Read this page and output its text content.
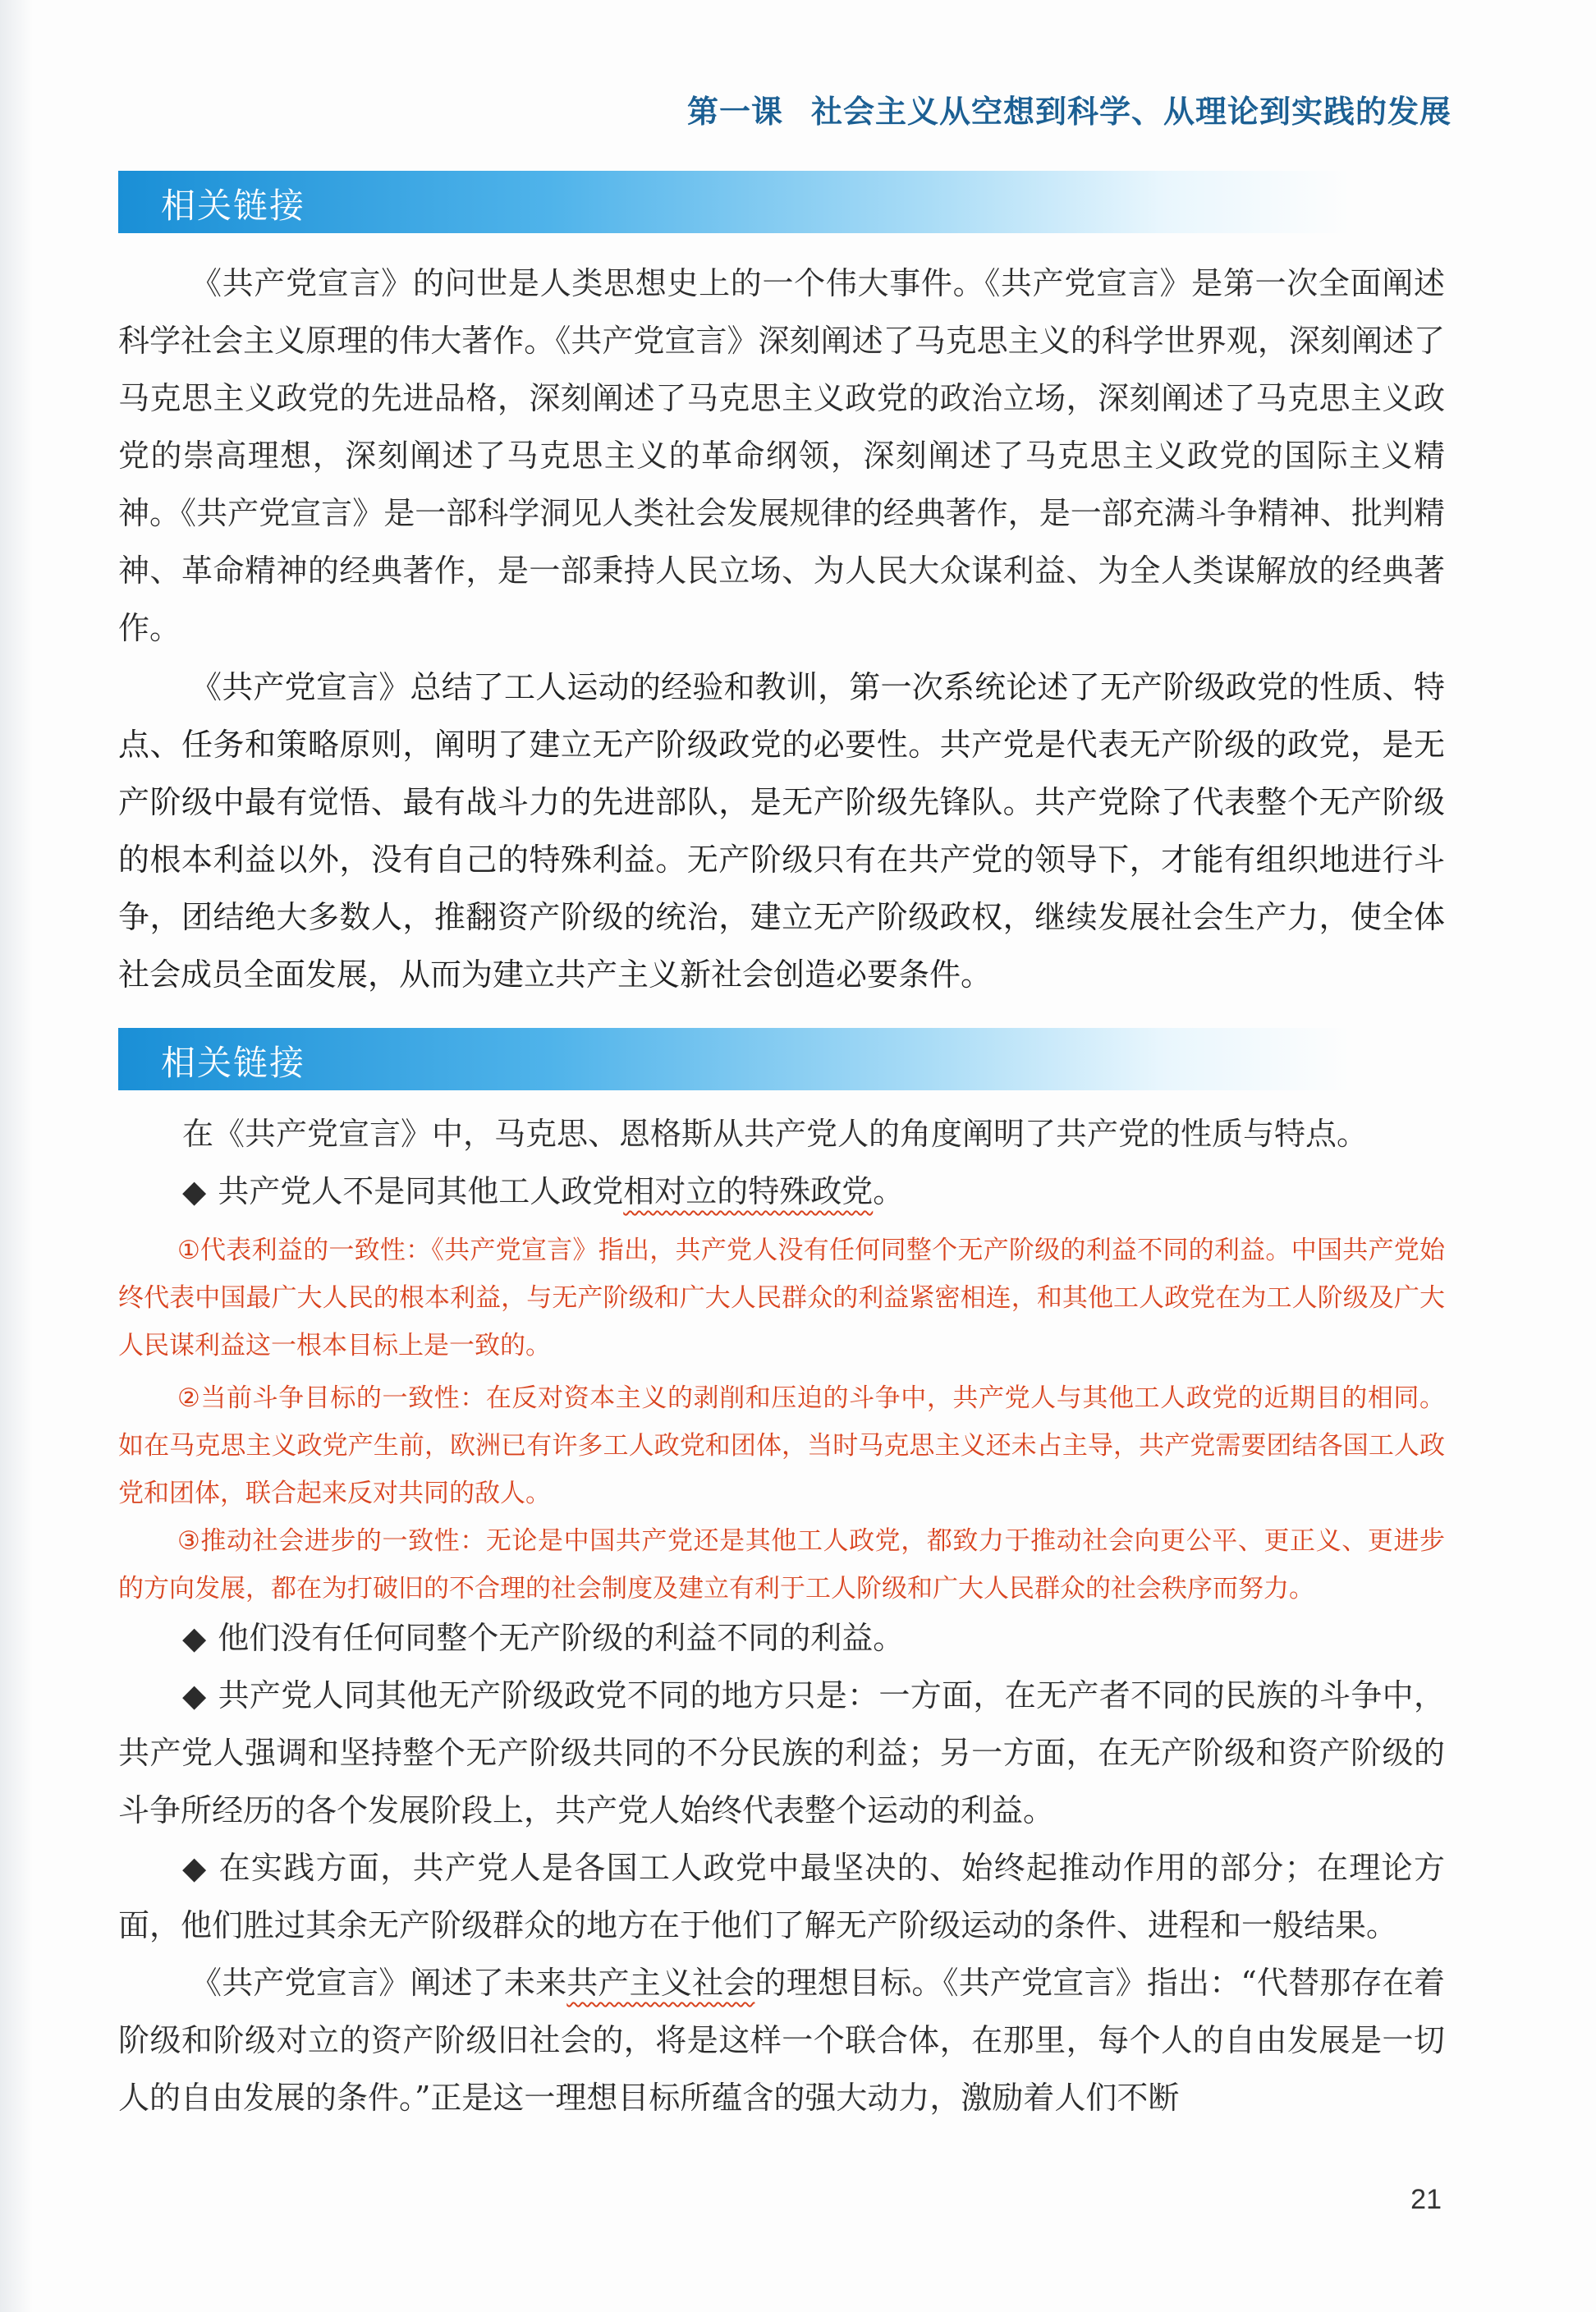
第一课 社会主义从空想到科学、从理论到实践的发展
相关链接

《共产党宣言》的问世是人类思想史上的一个伟大事件。《共产党宣言》是第一次全面阐述科学社会主义原理的伟大著作。《共产党宣言》深刻阐述了马克思主义的科学世界观，深刻阐述了马克思主义政党的先进品格，深刻阐述了马克思主义政党的政治立场，深刻阐述了马克思主义政党的崇高理想，深刻阐述了马克思主义的革命纲领，深刻阐述了马克思主义政党的国际主义精神。《共产党宣言》是一部科学洞见人类社会发展规律的经典著作，是一部充满斗争精神、批判精神、革命精神的经典著作，是一部秉持人民立场、为人民大众谋利益、为全人类谋解放的经典著作。

《共产党宣言》总结了工人运动的经验和教训，第一次系统论述了无产阶级政党的性质、特点、任务和策略原则，阐明了建立无产阶级政党的必要性。共产党是代表无产阶级的政党，是无产阶级中最有觉悟、最有战斗力的先进部队，是无产阶级先锋队。共产党除了代表整个无产阶级的根本利益以外，没有自己的特殊利益。无产阶级只有在共产党的领导下，才能有组织地进行斗争，团结绝大多数人，推翻资产阶级的统治，建立无产阶级政权，继续发展社会生产力，使全体社会成员全面发展，从而为建立共产主义新社会创造必要条件。

相关链接

在《共产党宣言》中，马克思、恩格斯从共产党人的角度阐明了共产党的性质与特点。

◆ 共产党人不是同其他工人政党相对立的特殊政党。

①代表利益的一致性：《共产党宣言》指出，共产党人没有任何同整个无产阶级的利益不同的利益。中国共产党始终代表中国最广大人民的根本利益，与无产阶级和广大人民群众的利益紧密相连，和其他工人政党在为工人阶级及广大人民谋利益这一根本目标上是一致的。

②当前斗争目标的一致性：在反对资本主义的剥削和压迫的斗争中，共产党人与其他工人政党的近期目的相同。如在马克思主义政党产生前，欧洲已有许多工人政党和团体，当时马克思主义还未占主导，共产党需要团结各国工人政党和团体，联合起来反对共同的敌人。

③推动社会进步的一致性：无论是中国共产党还是其他工人政党，都致力于推动社会向更公平、更正义、更进步的方向发展，都在为打破旧的不合理的社会制度及建立有利于工人阶级和广大人民群众的社会秩序而努力。

◆ 他们没有任何同整个无产阶级的利益不同的利益。

◆ 共产党人同其他无产阶级政党不同的地方只是：一方面，在无产者不同的民族的斗争中，共产党人强调和坚持整个无产阶级共同的不分民族的利益；另一方面，在无产阶级和资产阶级的斗争所经历的各个发展阶段上，共产党人始终代表整个运动的利益。

◆ 在实践方面，共产党人是各国工人政党中最坚决的、始终起推动作用的部分；在理论方面，他们胜过其余无产阶级群众的地方在于他们了解无产阶级运动的条件、进程和一般结果。

《共产党宣言》阐述了未来共产主义社会的理想目标。《共产党宣言》指出：“代替那存在着阶级和阶级对立的资产阶级旧社会的，将是这样一个联合体，在那里，每个人的自由发展是一切人的自由发展的条件。”正是这一理想目标所蕴含的强大动力，激励着人们不断

21
